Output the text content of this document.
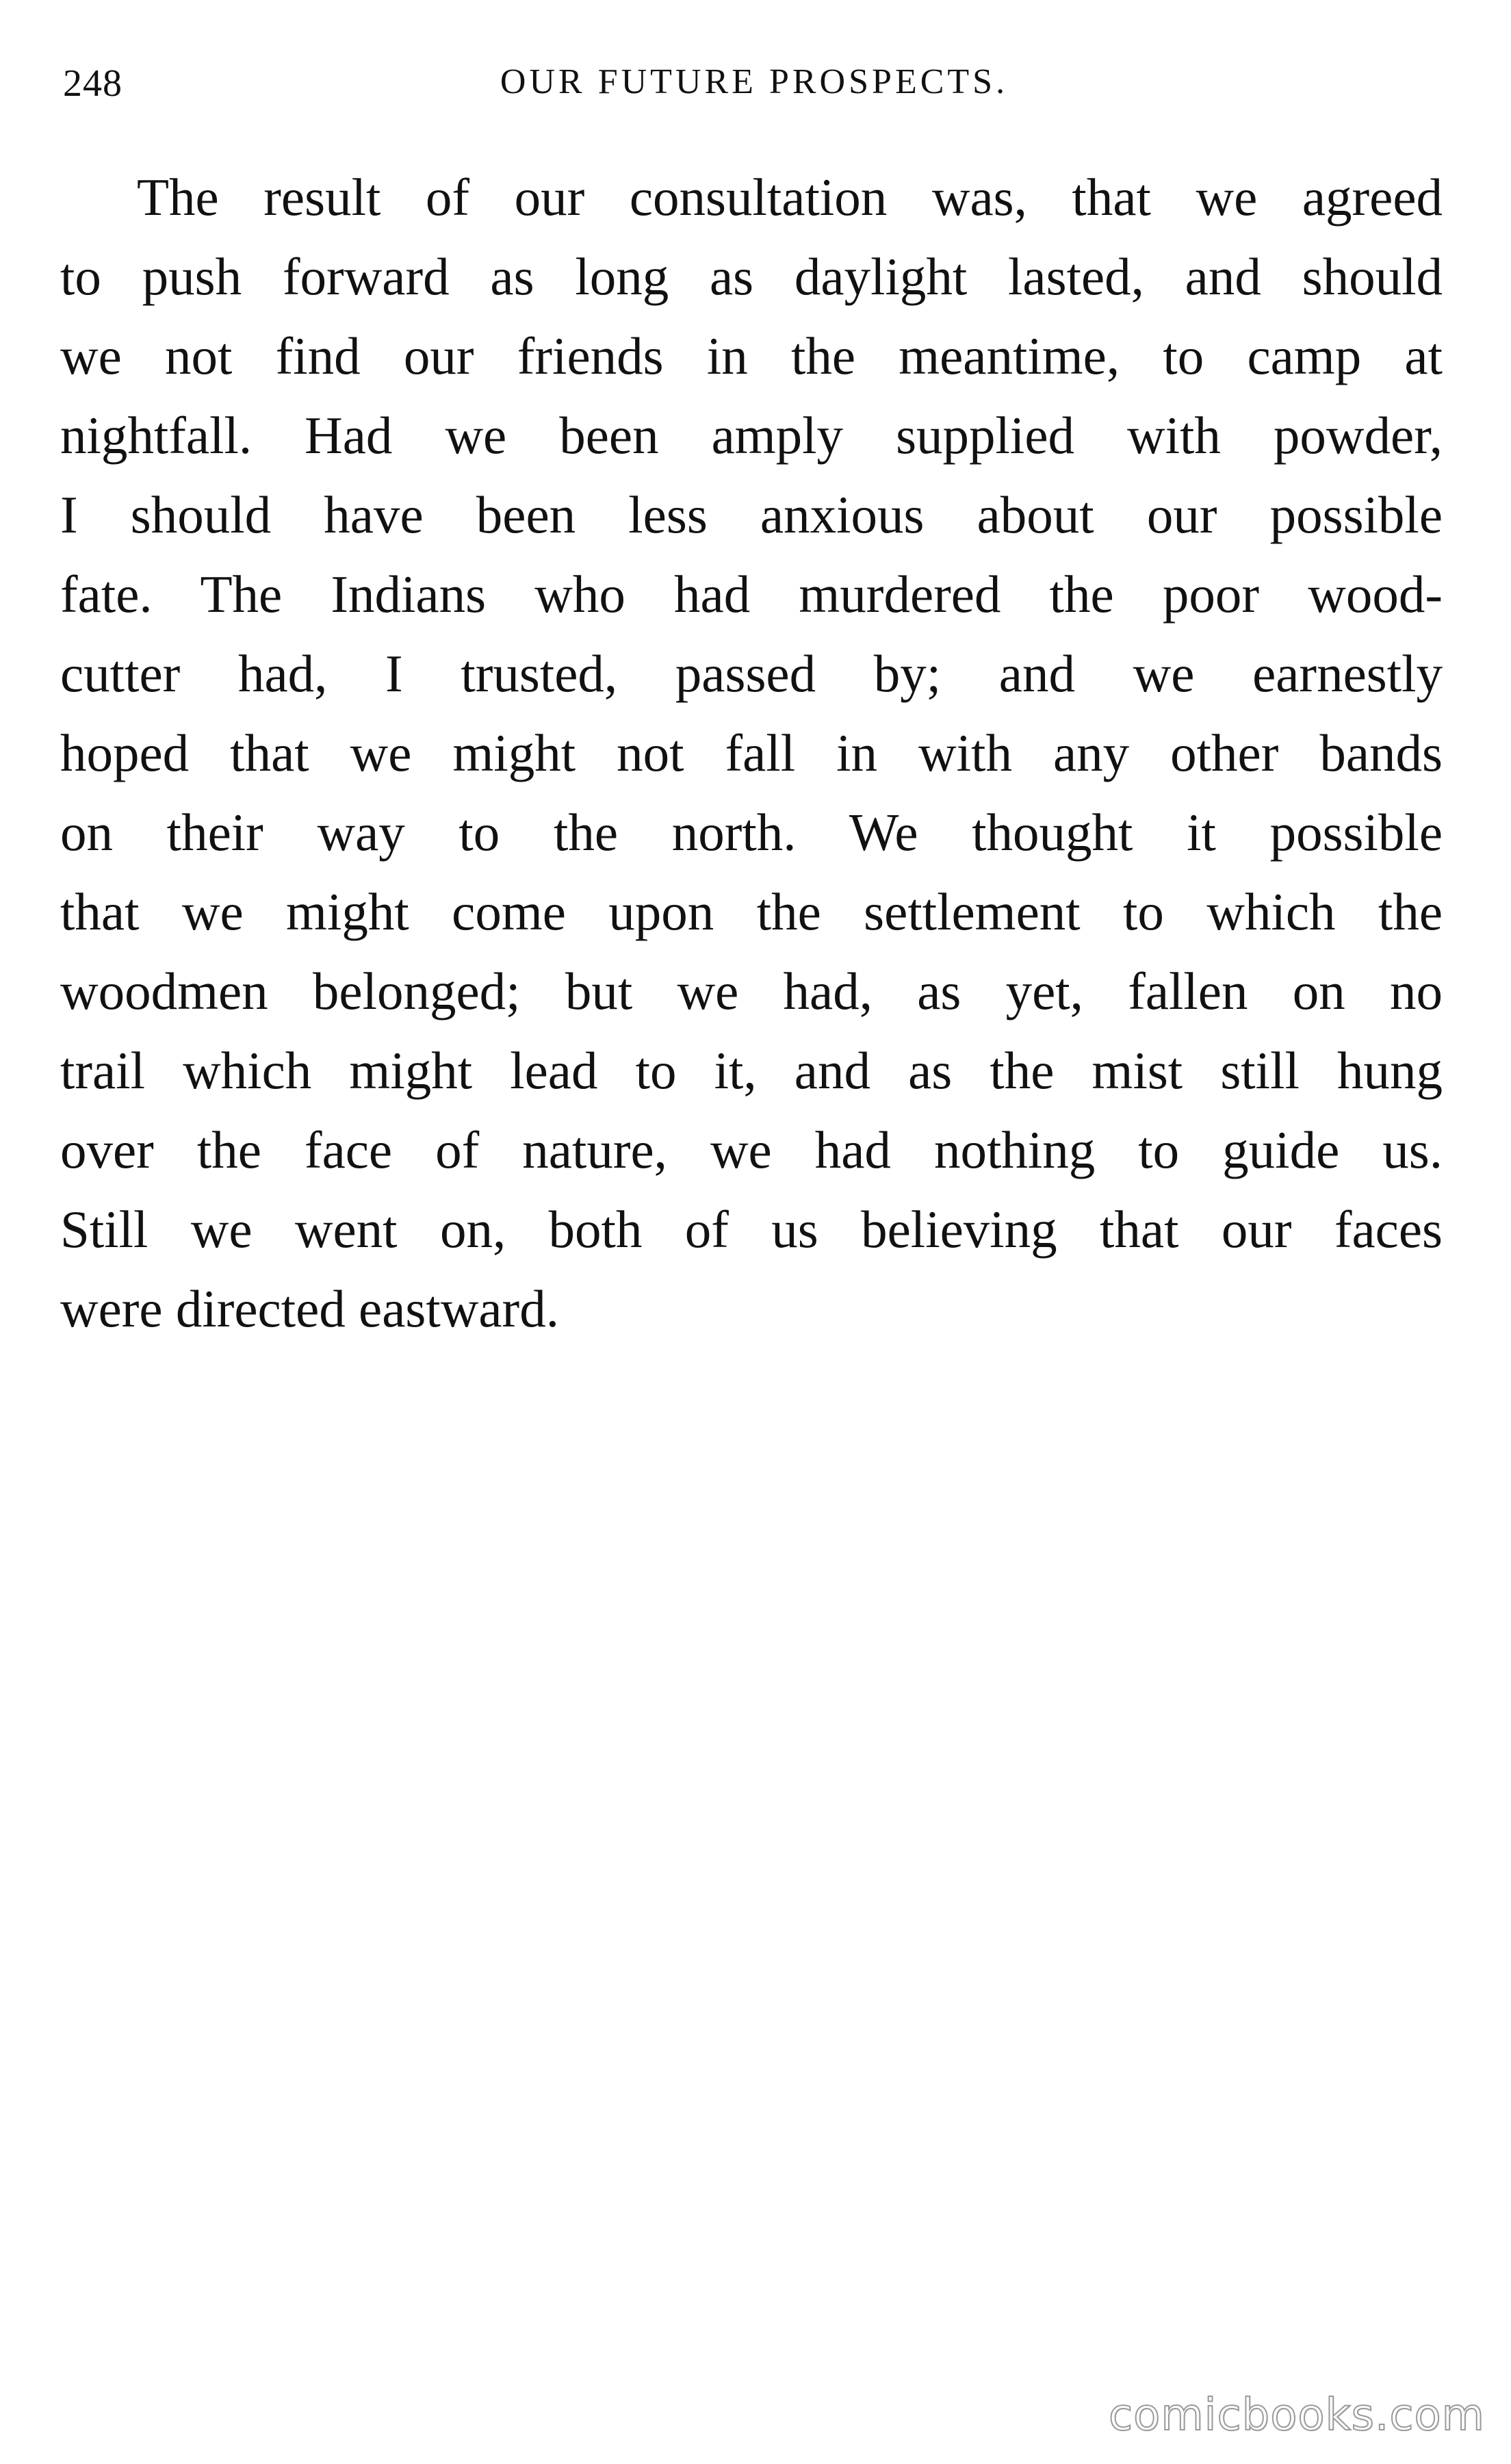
248	OUR FUTURE PROSPECTS.
The result of our consultation was, that we agreed
to push forward as long as daylight lasted, and should
we not find our friends in the meantime, to camp at
nightfall. Had we been amply supplied with powder,
I should have been less anxious about our possible
fate. The Indians who had murdered the poor wood-
cutter had, I trusted, passed by; and we earnestly
hoped that we might not fall in with any other bands
on their way to the north. We thought it possible
that we might come upon the settlement to which the
woodmen belonged; but we had, as yet, fallen on no
trail which might lead to it, and as the mist still hung
over the face of nature, we had nothing to guide us.
Still we went on, both of us believing that our faces
were directed eastward.
comicbooks.com
